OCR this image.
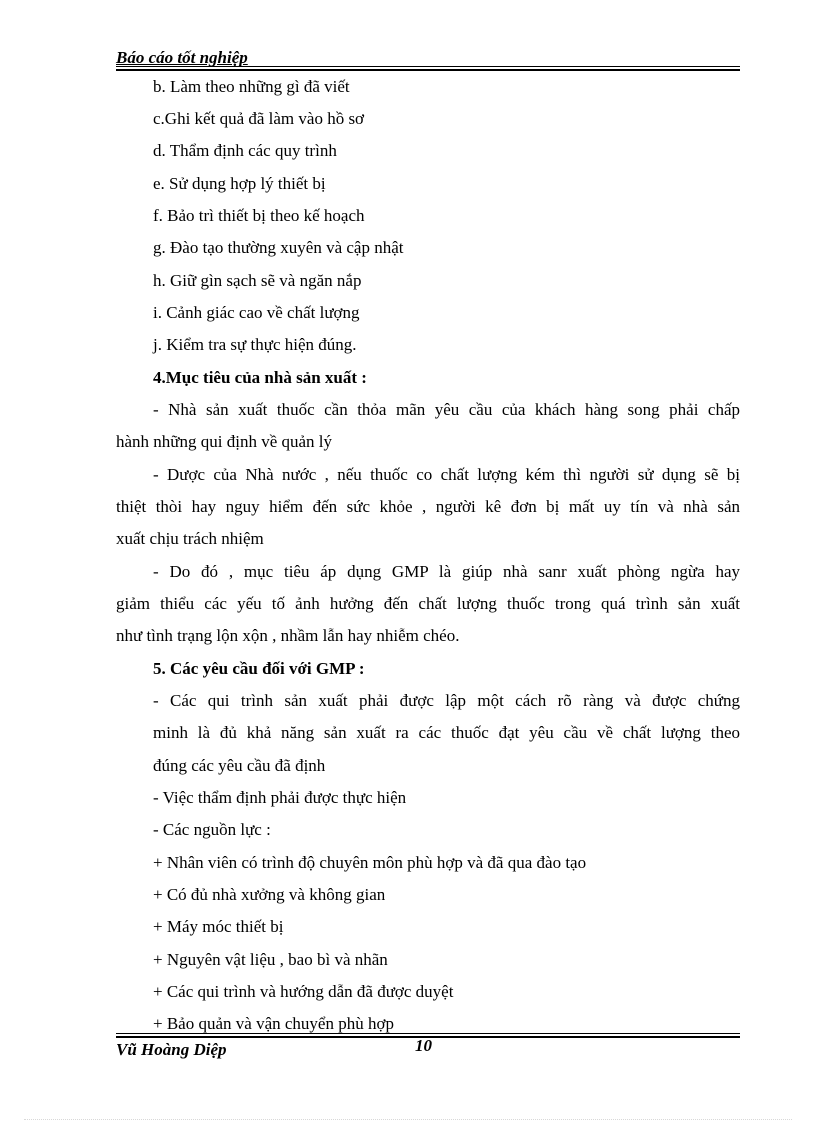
Báo cáo tốt nghiệp
b. Làm theo những gì đã viết
c.Ghi kết quả đã làm vào hồ sơ
d. Thẩm định các quy trình
e. Sử dụng hợp lý thiết bị
f. Bảo trì thiết bị theo kế hoạch
g. Đào tạo thường xuyên và cập nhật
h. Giữ gìn sạch sẽ và ngăn nắp
i. Cảnh giác cao về chất lượng
j. Kiểm tra sự thực hiện đúng.
4.Mục tiêu của nhà sản xuất :
- Nhà sản xuất thuốc cần thỏa mãn yêu cầu của khách hàng song phải chấp
hành những qui định về quản lý
- Dược của Nhà nước , nếu thuốc co chất lượng kém thì người sử dụng sẽ bị
thiệt thòi hay nguy hiểm đến sức khỏe , người kê đơn bị mất uy tín và nhà sản
xuất chịu trách nhiệm
- Do đó , mục tiêu áp dụng GMP là giúp nhà sanr xuất phòng ngừa hay
giảm thiểu các yếu tố ảnh hưởng đến chất lượng thuốc trong quá trình sản xuất
như tình trạng lộn xộn , nhầm lẫn hay nhiễm chéo.
5. Các yêu cầu đối với GMP :
- Các qui trình sản xuất phải được lập một cách rõ ràng và được chứng
minh là đủ khả năng sản xuất ra các thuốc đạt yêu cầu về chất lượng theo
đúng các yêu cầu đã định
- Việc thẩm định phải được thực hiện
- Các nguồn lực :
+ Nhân viên có trình độ chuyên môn phù hợp và đã qua đào tạo
+ Có đủ nhà xưởng và không gian
+ Máy móc thiết bị
+ Nguyên vật liệu , bao bì và nhãn
+ Các qui trình và hướng dẫn đã được duyệt
+ Bảo quản và vận chuyển phù hợp
Vũ Hoàng Diệp	10
